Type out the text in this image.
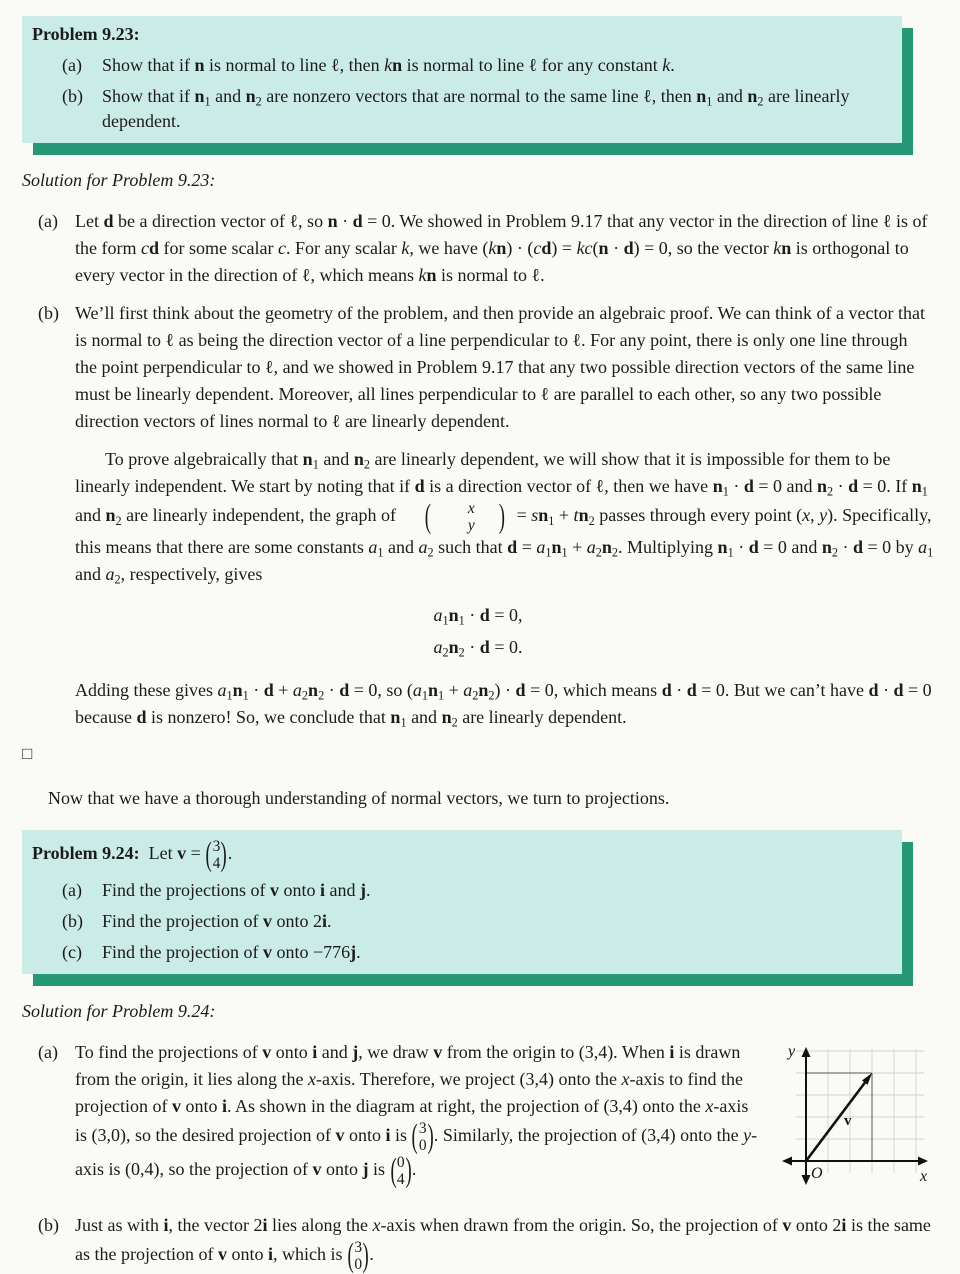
Problem 9.23:
(a)	Show that if n is normal to line ℓ, then kn is normal to line ℓ for any constant k.
(b)	Show that if $n_1$ and $n_2$ are nonzero vectors that are normal to the same line ℓ, then $n_1$ and $n_2$ are linearly dependent.
Solution for Problem 9.23:
(a) Let d be a direction vector of ℓ, so n · d = 0. We showed in Problem 9.17 that any vector in the direction of line ℓ is of the form cd for some scalar c. For any scalar k, we have (kn) · (cd) = kc(n · d) = 0, so the vector kn is orthogonal to every vector in the direction of ℓ, which means kn is normal to ℓ.
(b) We’ll first think about the geometry of the problem, and then provide an algebraic proof. We can think of a vector that is normal to ℓ as being the direction vector of a line perpendicular to ℓ. For any point, there is only one line through the point perpendicular to ℓ, and we showed in Problem 9.17 that any two possible direction vectors of the same line must be linearly dependent. Moreover, all lines perpendicular to ℓ are parallel to each other, so any two possible direction vectors of lines normal to ℓ are linearly dependent.
To prove algebraically that $n_1$ and $n_2$ are linearly dependent, we will show that it is impossible for them to be linearly independent. We start by noting that if d is a direction vector of ℓ, then we have $n_1 \cdot d = 0$ and $n_2 \cdot d = 0$. If $n_1$ and $n_2$ are linearly independent, the graph of (	x
y ) = $sn_1 + tn_2$ passes through every point (x, y). Specifically, this means that there are some constants $a_1$ and $a_2$ such that $d = a_1n_1 + a_2n_2$. Multiplying $n_1 \cdot d = 0$ and $n_2 \cdot d = 0$ by $a_1$ and $a_2$, respectively, gives
$a_1n_1 \cdot d = 0$,
$a_2n_2 \cdot d = 0$.
Adding these gives $a_1n_1 \cdot d + a_2n_2 \cdot d = 0$, so $(a_1n_1 + a_2n_2) \cdot d = 0$, which means d · d = 0. But we can’t have d · d = 0 because d is nonzero! So, we conclude that $n_1$ and $n_2$ are linearly dependent.
□
Now that we have a thorough understanding of normal vectors, we turn to projections.
Problem 9.24:  Let v = ( 3
4 ) .
(a)	Find the projections of v onto i and j.
(b)	Find the projection of v onto 2i.
(c)	Find the projection of v onto −776j.
Solution for Problem 9.24:
(a)	y
x
O
v
To find the projections of v onto i and j, we draw v from the origin to (3,4). When i is drawn from the origin, it lies along the x-axis. Therefore, we project (3,4) onto the x-axis to find the projection of v onto i. As shown in the diagram at right, the projection of (3,4) onto the x-axis is (3,0), so the desired projection of v onto i is ( 3
0 ) . Similarly, the projection of (3,4) onto the y-axis is (0,4), so the projection of v onto j is ( 0
4 ) .
(b) Just as with i, the vector 2i lies along the x-axis when drawn from the origin. So, the projection of v onto 2i is the same as the projection of v onto i, which is ( 3
0 ) .
